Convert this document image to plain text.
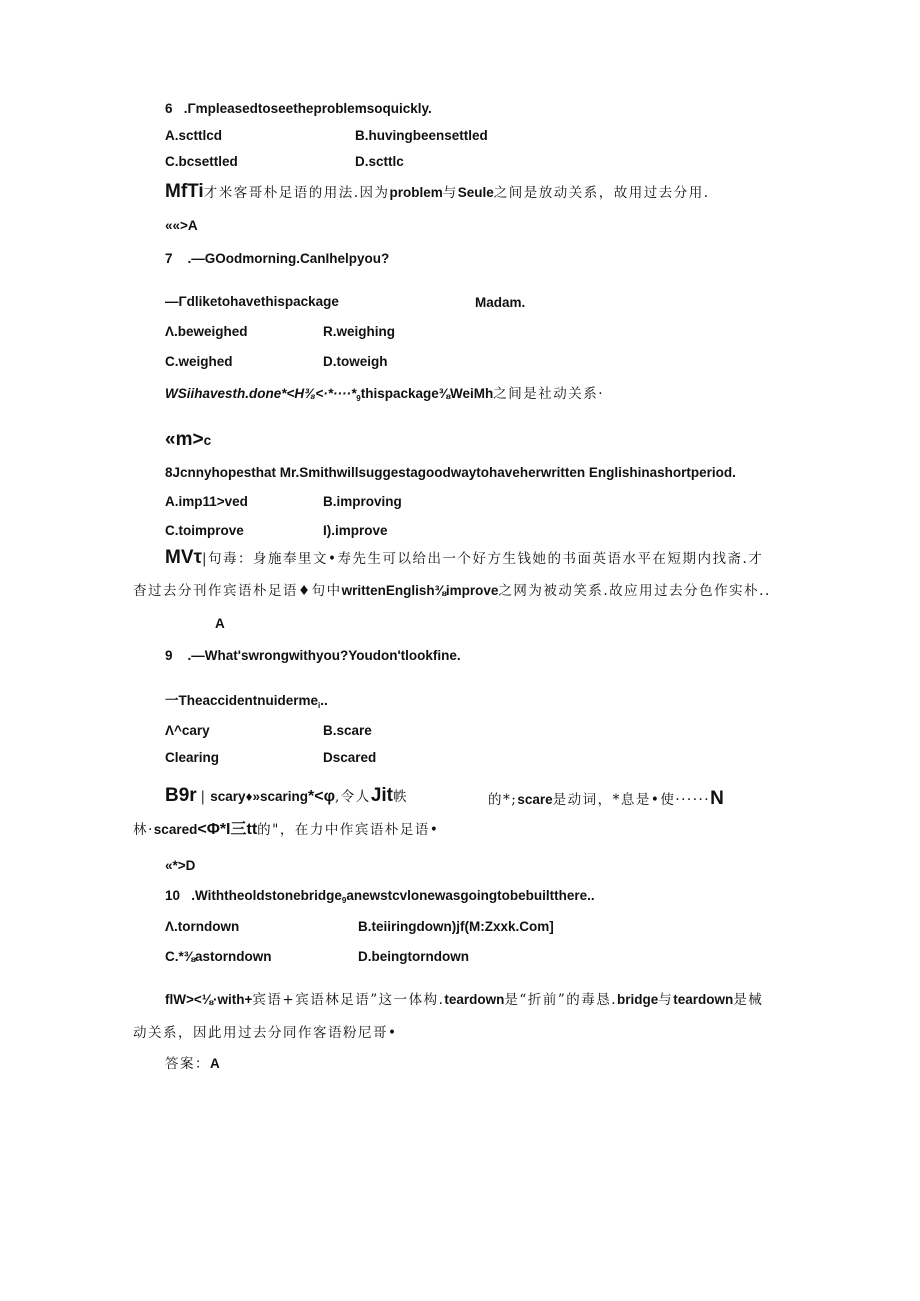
6 .Γmpleasedtoseetheproblemsoquickly.
A.scttlcd	B.huvingbeensettled
C.bcsettled	D.scttlc
MfTi才米客哥朴足语的用法.因为problem与Seule之间是放动关系，故用过去分用.
««>A
7 .—GOodmorning.CanIhelpyou?
—Γdliketohavethispackage	Madam.
Λ.beweighed	R.weighing
C.weighed	D.toweigh
$WSiihavesth.done*<H\frac{3}{8}<\cdot*\cdot\cdot\cdot\cdot*_9thispackage\frac{3}{8}WeiMh$之间是社动关系·
«m>c
8Jcnnyhopesthat Mr.Smithwillsuggestagoodwaytohaveherwritten Englishinashortperiod.
A.imp11>ved	B.improving
C.toimprove	I).improve
MVτ|句毒：身施奉里文•寿先生可以给出一个好方生钱她的书面英语水平在短期内找斋.才
杳过去分刊作宾语朴足语♦句中writtenEnglish⅜improve之网为被动笑系.故应用过去分色作实朴..
A
9 .—What'swrongwithyou?Youdon'tlookfine.
一Theaccidentnuiderme$_i$..
Λ^cary	B.scare
Clearing	Dscared
B9r | scary♦»scaring*<φ,令人Jit帙	的*;scare是动词，*息是•使······N
林·scared<Φ*I三tt的"，在力中作宾语朴足语•
«*>D
10 .Withtheoldstonebridge$_9$anewstcvlonewasgoingtobebuiltthere..
Λ.torndown	B.teiiringdown)jf(M:Zxxk.Com]
C.*⅜astorndown	D.beingtorndown
flW><⅛·with+宾语+宾语林足语”这一体构.teardown是“折前”的毒恳.bridge与teardown是械
动关系，因此用过去分同作客语粉尼哥•
答案：A
